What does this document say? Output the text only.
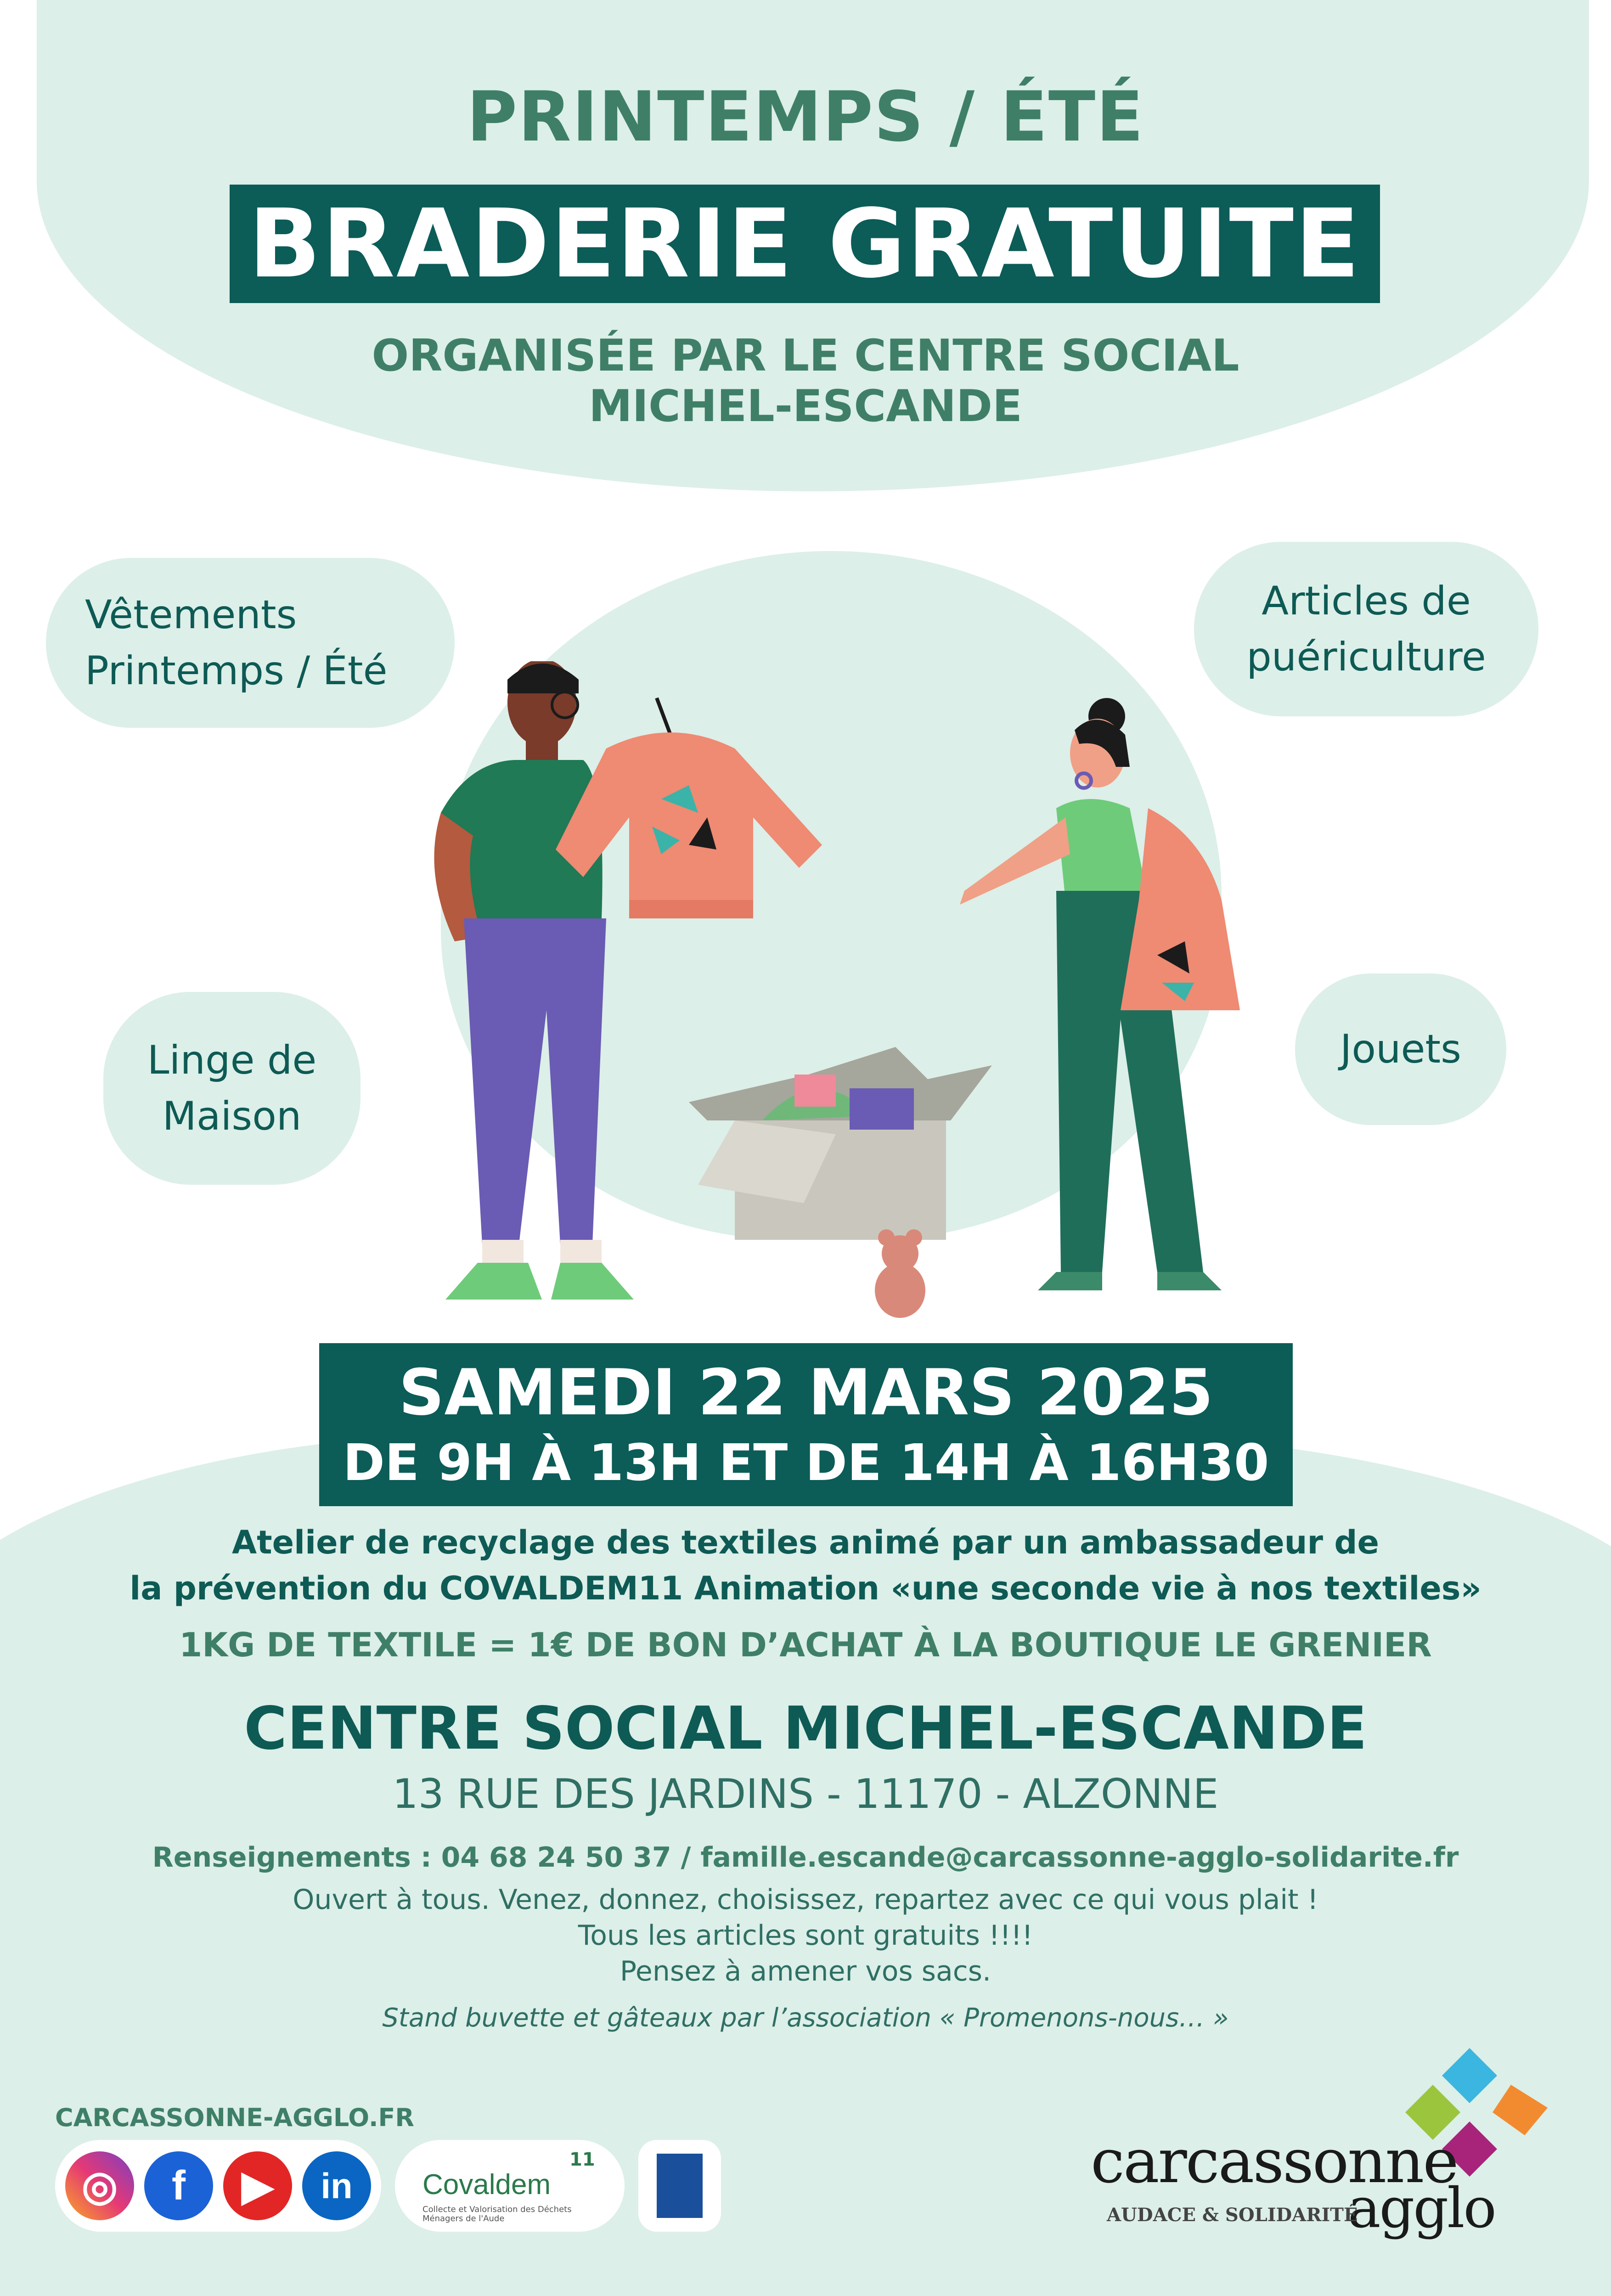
PRINTEMPS / ÉTÉ
BRADERIE GRATUITE
ORGANISÉE PAR LE CENTRE SOCIAL
MICHEL-ESCANDE
Vêtements
Printemps / Été
Articles de
puériculture
Linge de
Maison
Jouets
SAMEDI 22 MARS 2025
DE 9H À 13H ET DE 14H À 16H30
Atelier de recyclage des textiles animé par un ambassadeur de
la prévention du COVALDEM11 Animation «une seconde vie à nos textiles»
1KG DE TEXTILE = 1€ DE BON D’ACHAT À LA BOUTIQUE LE GRENIER
CENTRE SOCIAL MICHEL-ESCANDE
13 RUE DES JARDINS - 11170 - ALZONNE
Renseignements : 04 68 24 50 37 / famille.escande@carcassonne-agglo-solidarite.fr
Ouvert à tous. Venez, donnez, choisissez, repartez avec ce qui vous plait !
Tous les articles sont gratuits !!!!
Pensez à amener vos sacs.
Stand buvette et gâteaux par l’association « Promenons-nous… »
CARCASSONNE-AGGLO.FR
◎	f	▶	in	Covaldem
11
Collecte et Valorisation des Déchets Ménagers de l'Aude
carcassonne
agglo
AUDACE & SOLIDARITÉ
